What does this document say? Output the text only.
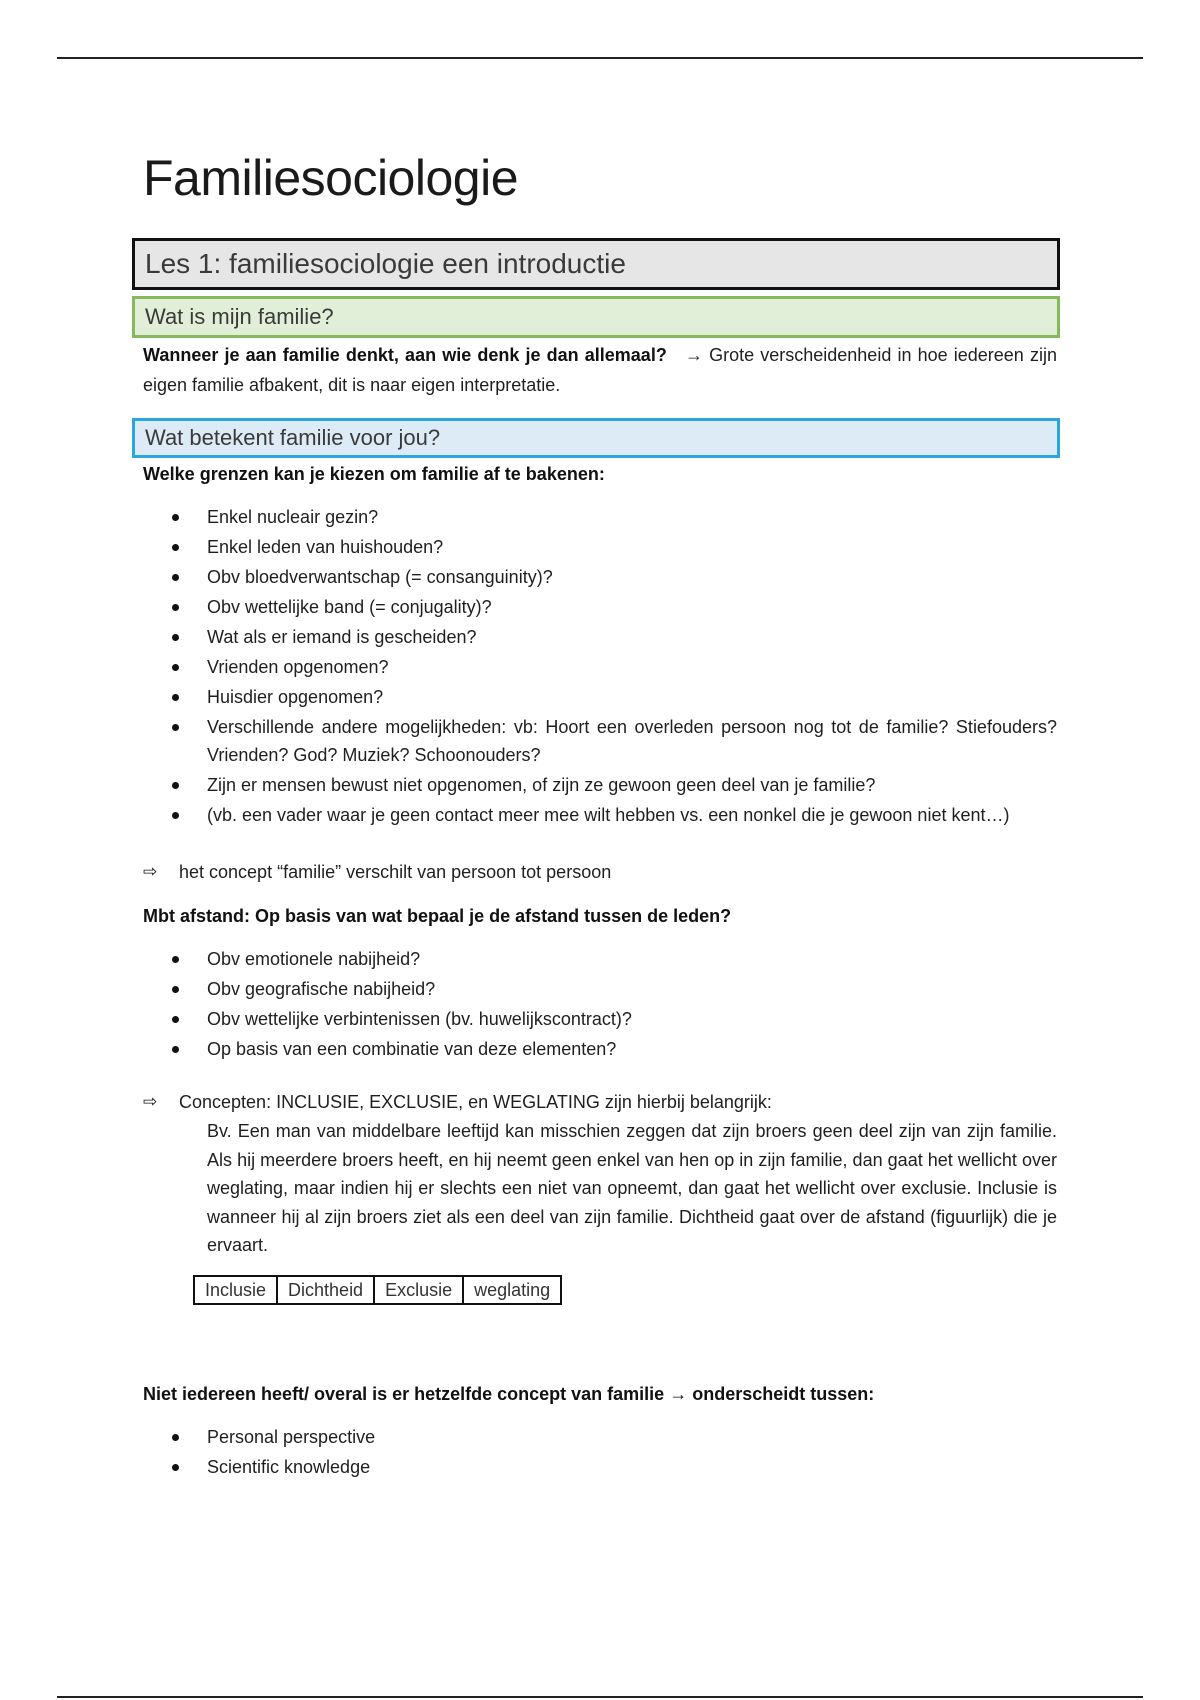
Familiesociologie
Les 1: familiesociologie een introductie
Wat is mijn familie?

Wanneer je aan familie denkt, aan wie denk je dan allemaal? → Grote verscheidenheid in hoe iedereen zijn eigen familie afbakent, dit is naar eigen interpretatie.

Wat betekent familie voor jou?

Welke grenzen kan je kiezen om familie af te bakenen:

Enkel nucleair gezin?
Enkel leden van huishouden?
Obv bloedverwantschap (= consanguinity)?
Obv wettelijke band (= conjugality)?
Wat als er iemand is gescheiden?
Vrienden opgenomen?
Huisdier opgenomen?
Verschillende andere mogelijkheden: vb: Hoort een overleden persoon nog tot de familie? Stiefouders? Vrienden? God? Muziek? Schoonouders?
Zijn er mensen bewust niet opgenomen, of zijn ze gewoon geen deel van je familie?
(vb. een vader waar je geen contact meer mee wilt hebben vs. een nonkel die je gewoon niet kent…)

⇨ het concept “familie” verschilt van persoon tot persoon

Mbt afstand: Op basis van wat bepaal je de afstand tussen de leden?

Obv emotionele nabijheid?
Obv geografische nabijheid?
Obv wettelijke verbintenissen (bv. huwelijkscontract)?
Op basis van een combinatie van deze elementen?

⇨ Concepten: INCLUSIE, EXCLUSIE, en WEGLATING zijn hierbij belangrijk:

Bv. Een man van middelbare leeftijd kan misschien zeggen dat zijn broers geen deel zijn van zijn familie. Als hij meerdere broers heeft, en hij neemt geen enkel van hen op in zijn familie, dan gaat het wellicht over weglating, maar indien hij er slechts een niet van opneemt, dan gaat het wellicht over exclusie. Inclusie is wanneer hij al zijn broers ziet als een deel van zijn familie. Dichtheid gaat over de afstand (figuurlijk) die je ervaart.

Inclusie	Dichtheid	Exclusie	weglating

Niet iedereen heeft/ overal is er hetzelfde concept van familie → onderscheidt tussen:

Personal perspective
Scientific knowledge
